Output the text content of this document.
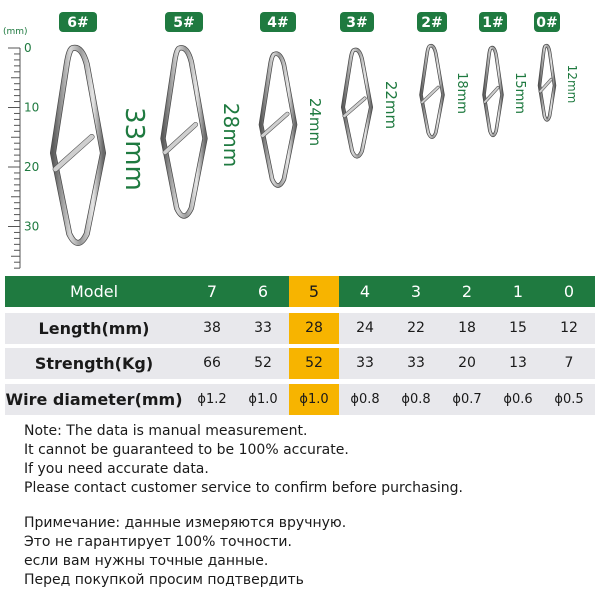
(mm)
0
10
20
30
6#	5#	4#	3#	2#	1# 0#
33mm	28mm	24mm	22mm	18mm	15mm	12mm
Model	7	6	5	4	3	2	1	0
Length(mm)	38	33	28	24	22	18	15	12
Strength(Kg)	66	52	52	33	33	20	13	7
Wire diameter(mm)	ϕ1.2	ϕ1.0	ϕ1.0	ϕ0.8	ϕ0.8	ϕ0.7	ϕ0.6	ϕ0.5
Note: The data is manual measurement.
It cannot be guaranteed to be 100% accurate.
If you need accurate data.
Please contact customer service to confirm before purchasing.
Примечание: данные измеряются вручную.
Это не гарантирует 100% точности.
если вам нужны точные данные.
Перед покупкой просим подтвердить
